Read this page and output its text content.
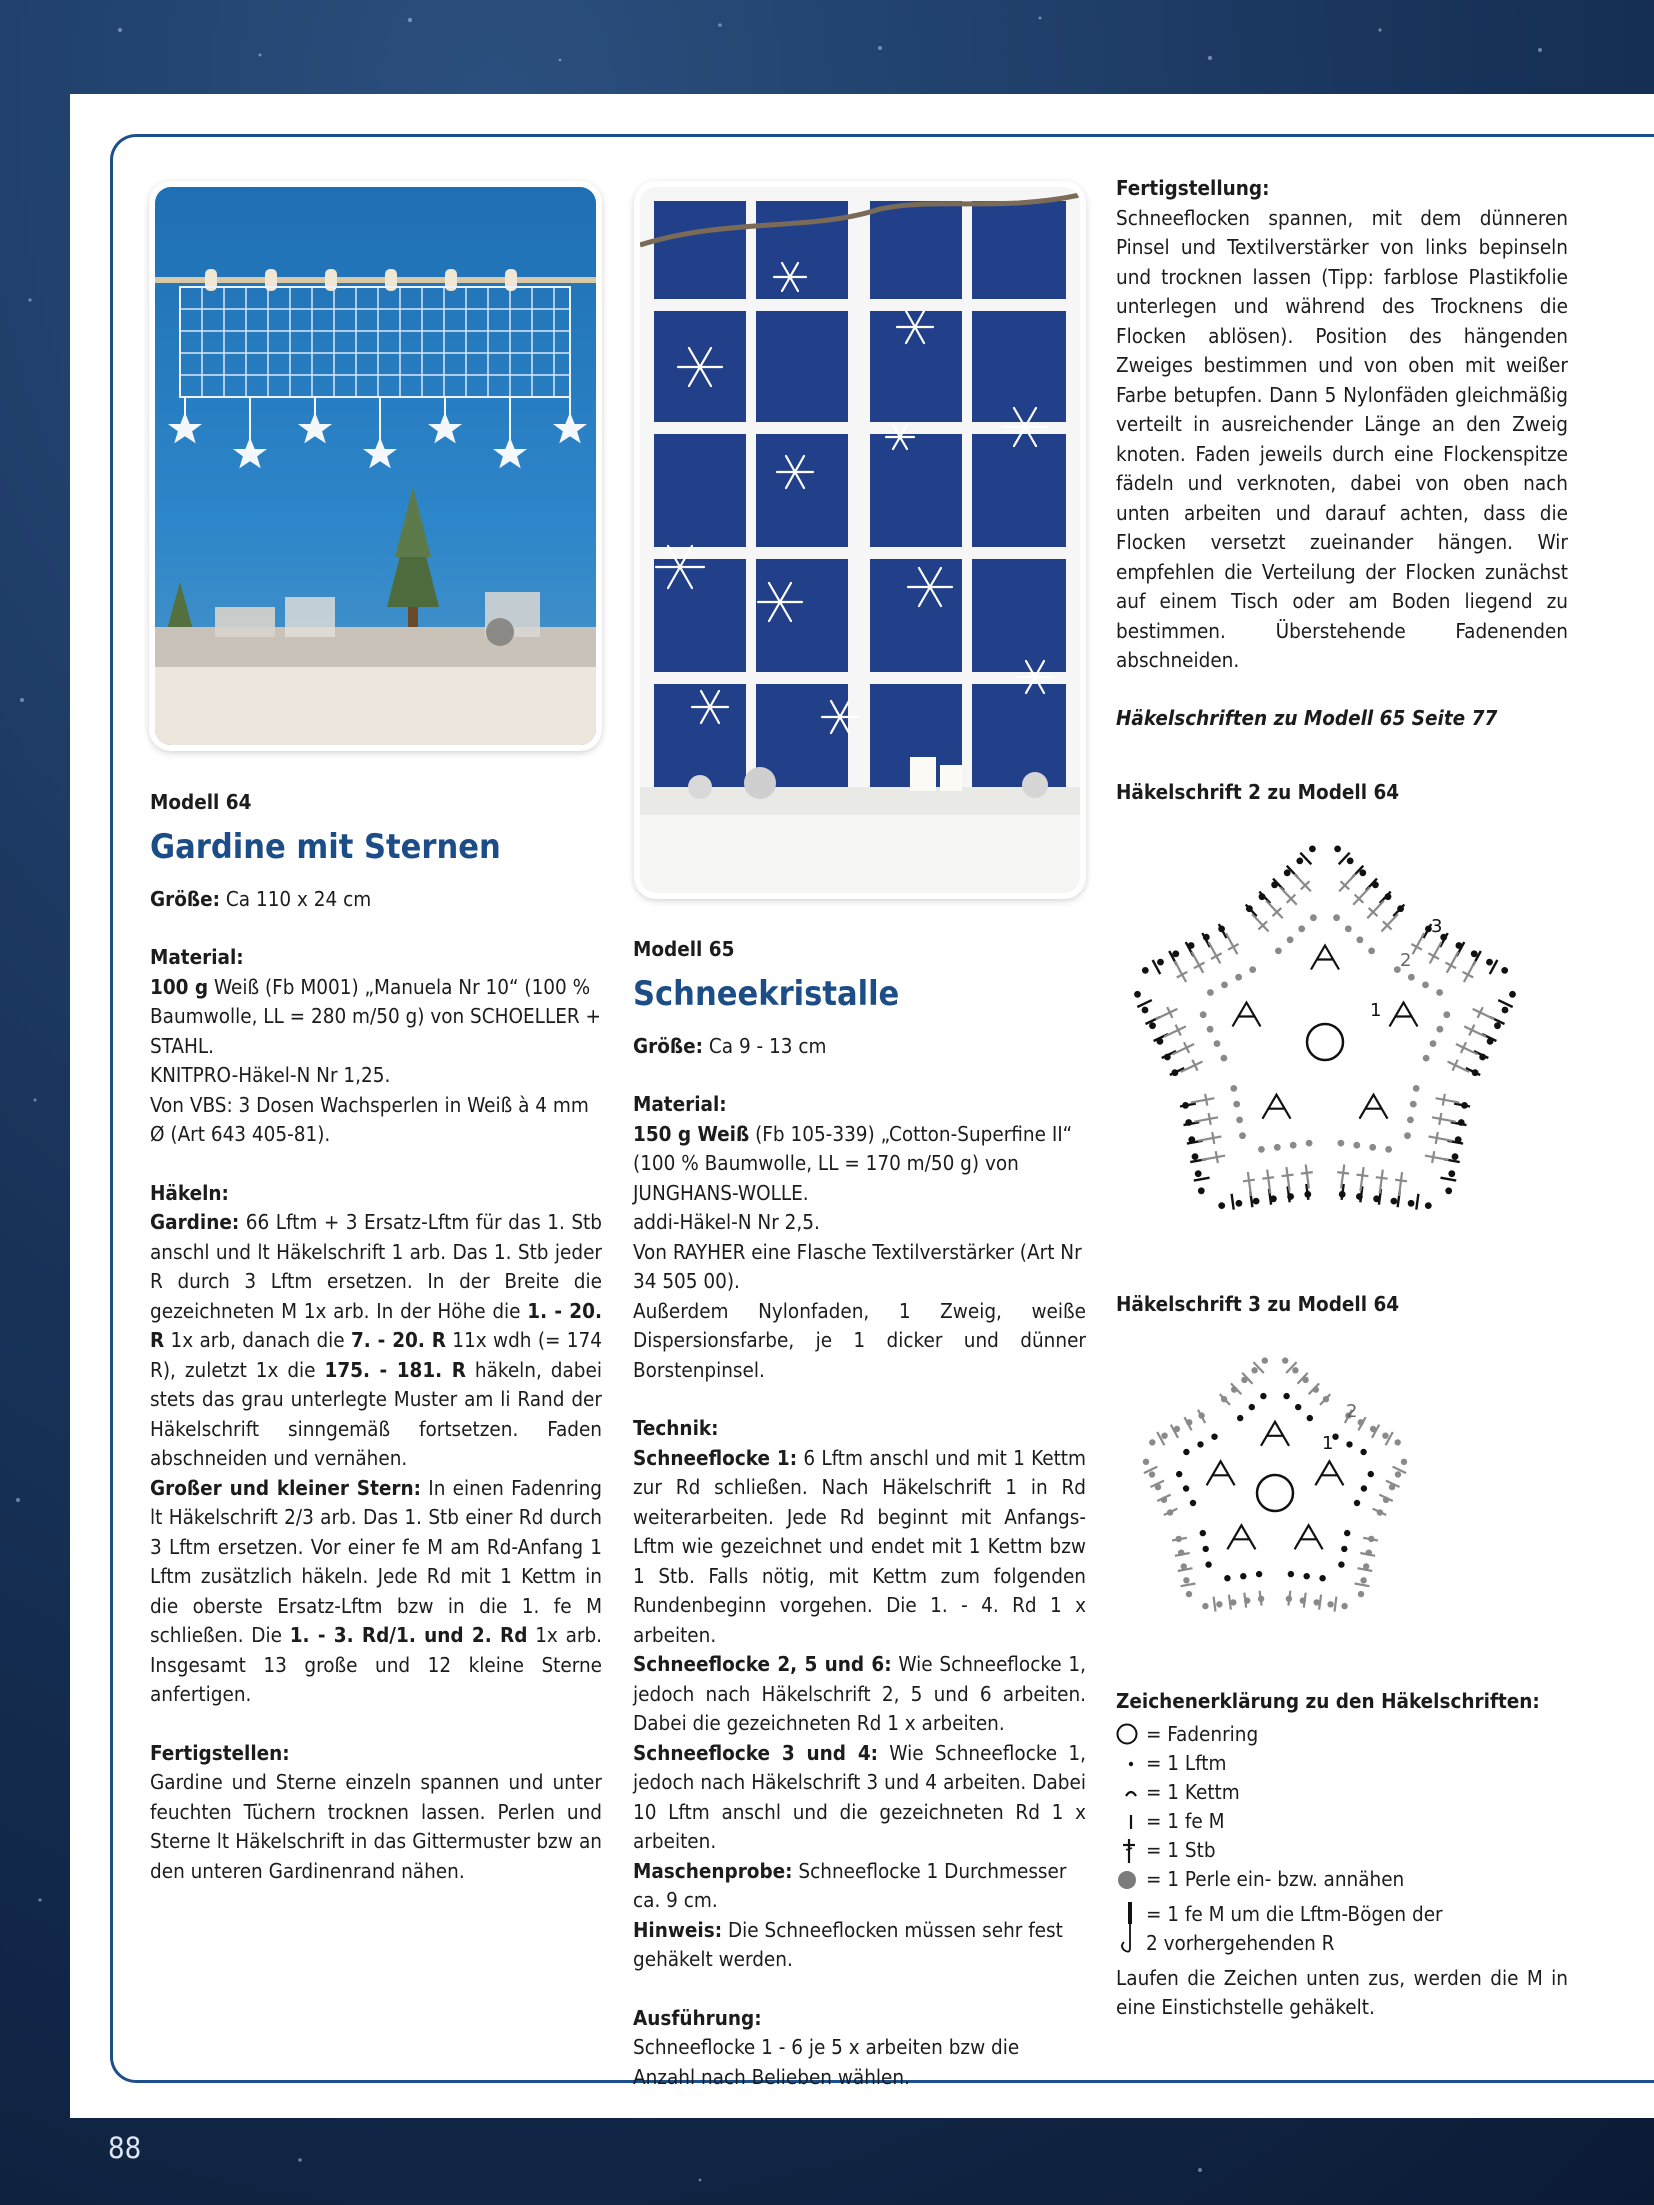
88
Modell 64
Gardine mit Sternen

Größe: Ca 110 x 24 cm

Material:

100 g Weiß (Fb M001) „Manuela Nr 10“ (100 % Baumwolle, LL = 280 m/50 g) von SCHOELLER + STAHL.

KNITPRO-Häkel-N Nr 1,25.

Von VBS: 3 Dosen Wachsperlen in Weiß à 4 mm Ø (Art 643 405-81).

Häkeln:

Gardine: 66 Lftm + 3 Ersatz-Lftm für das 1. Stb anschl und lt Häkelschrift 1 arb. Das 1. Stb jeder R durch 3 Lftm ersetzen. In der Breite die gezeichneten M 1x arb. In der Höhe die 1. - 20. R 1x arb, danach die 7. - 20. R 11x wdh (= 174 R), zuletzt 1x die 175. - 181. R häkeln, dabei stets das grau unterlegte Muster am li Rand der Häkelschrift sinngemäß fortsetzen. Faden abschneiden und vernähen.

Großer und kleiner Stern: In einen Fadenring lt Häkelschrift 2/3 arb. Das 1. Stb einer Rd durch 3 Lftm ersetzen. Vor einer fe M am Rd-Anfang 1 Lftm zusätzlich häkeln. Jede Rd mit 1 Kettm in die oberste Ersatz-Lftm bzw in die 1. fe M schließen. Die 1. - 3. Rd/1. und 2. Rd 1x arb. Insgesamt 13 große und 12 kleine Sterne anfertigen.

Fertigstellen:

Gardine und Sterne einzeln spannen und unter feuchten Tüchern trocknen lassen. Perlen und Sterne lt Häkelschrift in das Gittermuster bzw an den unteren Gardinenrand nähen.

Modell 65
Schneekristalle

Größe: Ca 9 - 13 cm

Material:

150 g Weiß (Fb 105-339) „Cotton-Superfine II“ (100 % Baumwolle, LL = 170 m/50 g) von JUNGHANS-WOLLE.

addi-Häkel-N Nr 2,5.

Von RAYHER eine Flasche Textilverstärker (Art Nr 34 505 00).

Außerdem Nylonfaden, 1 Zweig, weiße Dispersionsfarbe, je 1 dicker und dünner Borstenpinsel.

Technik:

Schneeflocke 1: 6 Lftm anschl und mit 1 Kettm zur Rd schließen. Nach Häkelschrift 1 in Rd weiterarbeiten. Jede Rd beginnt mit Anfangs-Lftm wie gezeichnet und endet mit 1 Kettm bzw 1 Stb. Falls nötig, mit Kettm zum folgenden Rundenbeginn vorgehen. Die 1. - 4. Rd 1 x arbeiten.

Schneeflocke 2, 5 und 6: Wie Schneeflocke 1, jedoch nach Häkelschrift 2, 5 und 6 arbeiten. Dabei die gezeichneten Rd 1 x arbeiten.

Schneeflocke 3 und 4: Wie Schneeflocke 1, jedoch nach Häkelschrift 3 und 4 arbeiten. Dabei 10 Lftm anschl und die gezeichneten Rd 1 x arbeiten.

Maschenprobe: Schneeflocke 1 Durchmesser ca. 9 cm.

Hinweis: Die Schneeflocken müssen sehr fest gehäkelt werden.

Ausführung:

Schneeflocke 1 - 6 je 5 x arbeiten bzw die Anzahl nach Belieben wählen.

Fertigstellung:

Schneeflocken spannen, mit dem dünneren Pinsel und Textilverstärker von links bepinseln und trocknen lassen (Tipp: farblose Plastikfolie unterlegen und während des Trocknens die Flocken ablösen). Position des hängenden Zweiges bestimmen und von oben mit weißer Farbe betupfen. Dann 5 Nylonfäden gleichmäßig verteilt in ausreichender Länge an den Zweig knoten. Faden jeweils durch eine Flockenspitze fädeln und verknoten, dabei von oben nach unten arbeiten und darauf achten, dass die Flocken versetzt zueinander hängen. Wir empfehlen die Verteilung der Flocken zunächst auf einem Tisch oder am Boden liegend zu bestimmen. Überstehende Fadenenden abschneiden.

Häkelschriften zu Modell 65 Seite 77

Häkelschrift 2 zu Modell 64
3
2
1
Häkelschrift 3 zu Modell 64
2
1

Zeichenerklärung zu den Häkelschriften:

= Fadenring
= 1 Lftm
= 1 Kettm
= 1 fe M
= 1 Stb
= 1 Perle ein- bzw. annähen
= 1 fe M um die Lftm-Bögen der 2 vorhergehenden R

Laufen die Zeichen unten zus, werden die M in eine Einstichstelle gehäkelt.
